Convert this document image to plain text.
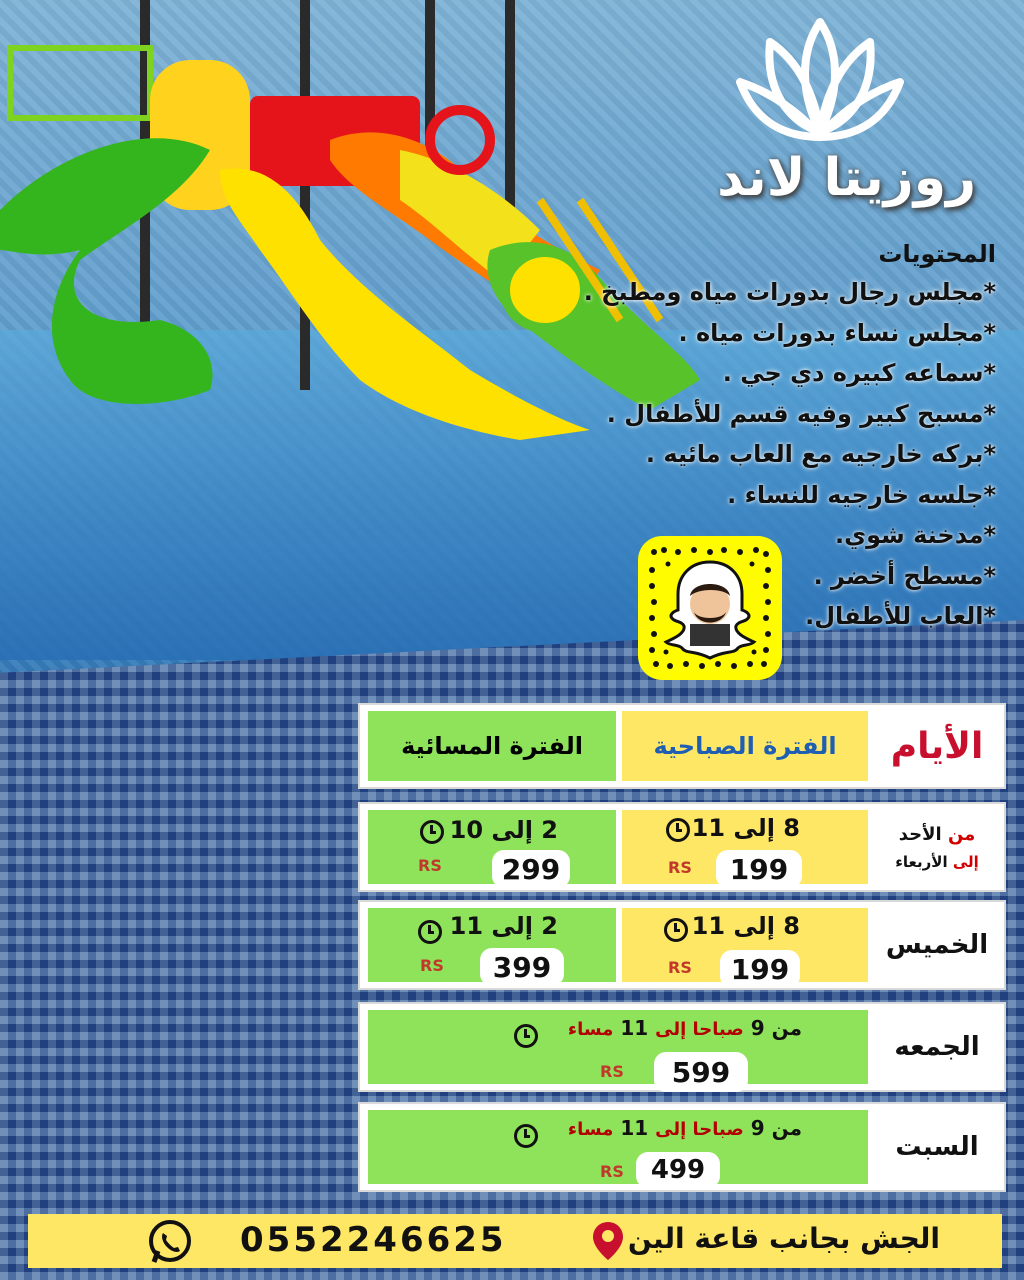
روزيتا لاند
المحتويات
*مجلس رجال بدورات مياه ومطبخ .
*مجلس نساء بدورات مياه .
*سماعه كبيره دي جي .
*مسبح كبير وفيه قسم للأطفال .
*بركه خارجيه مع العاب مائيه .
*جلسه خارجيه للنساء .
*مدخنة شوي.
*مسطح أخضر .
*العاب للأطفال.
الأيام
الفترة الصباحية
الفترة المسائية
من الأحد
إلى الأربعاء
8 إلى 11
199
RS
2 إلى 10
299
RS
الخميس
8 إلى 11
199
RS
2 إلى 11
399
RS
الجمعه
من 9 صباحا إلى 11 مساء
599
RS
السبت
من 9 صباحا إلى 11 مساء
499
RS
0552246625	الجش بجانب قاعة الين
